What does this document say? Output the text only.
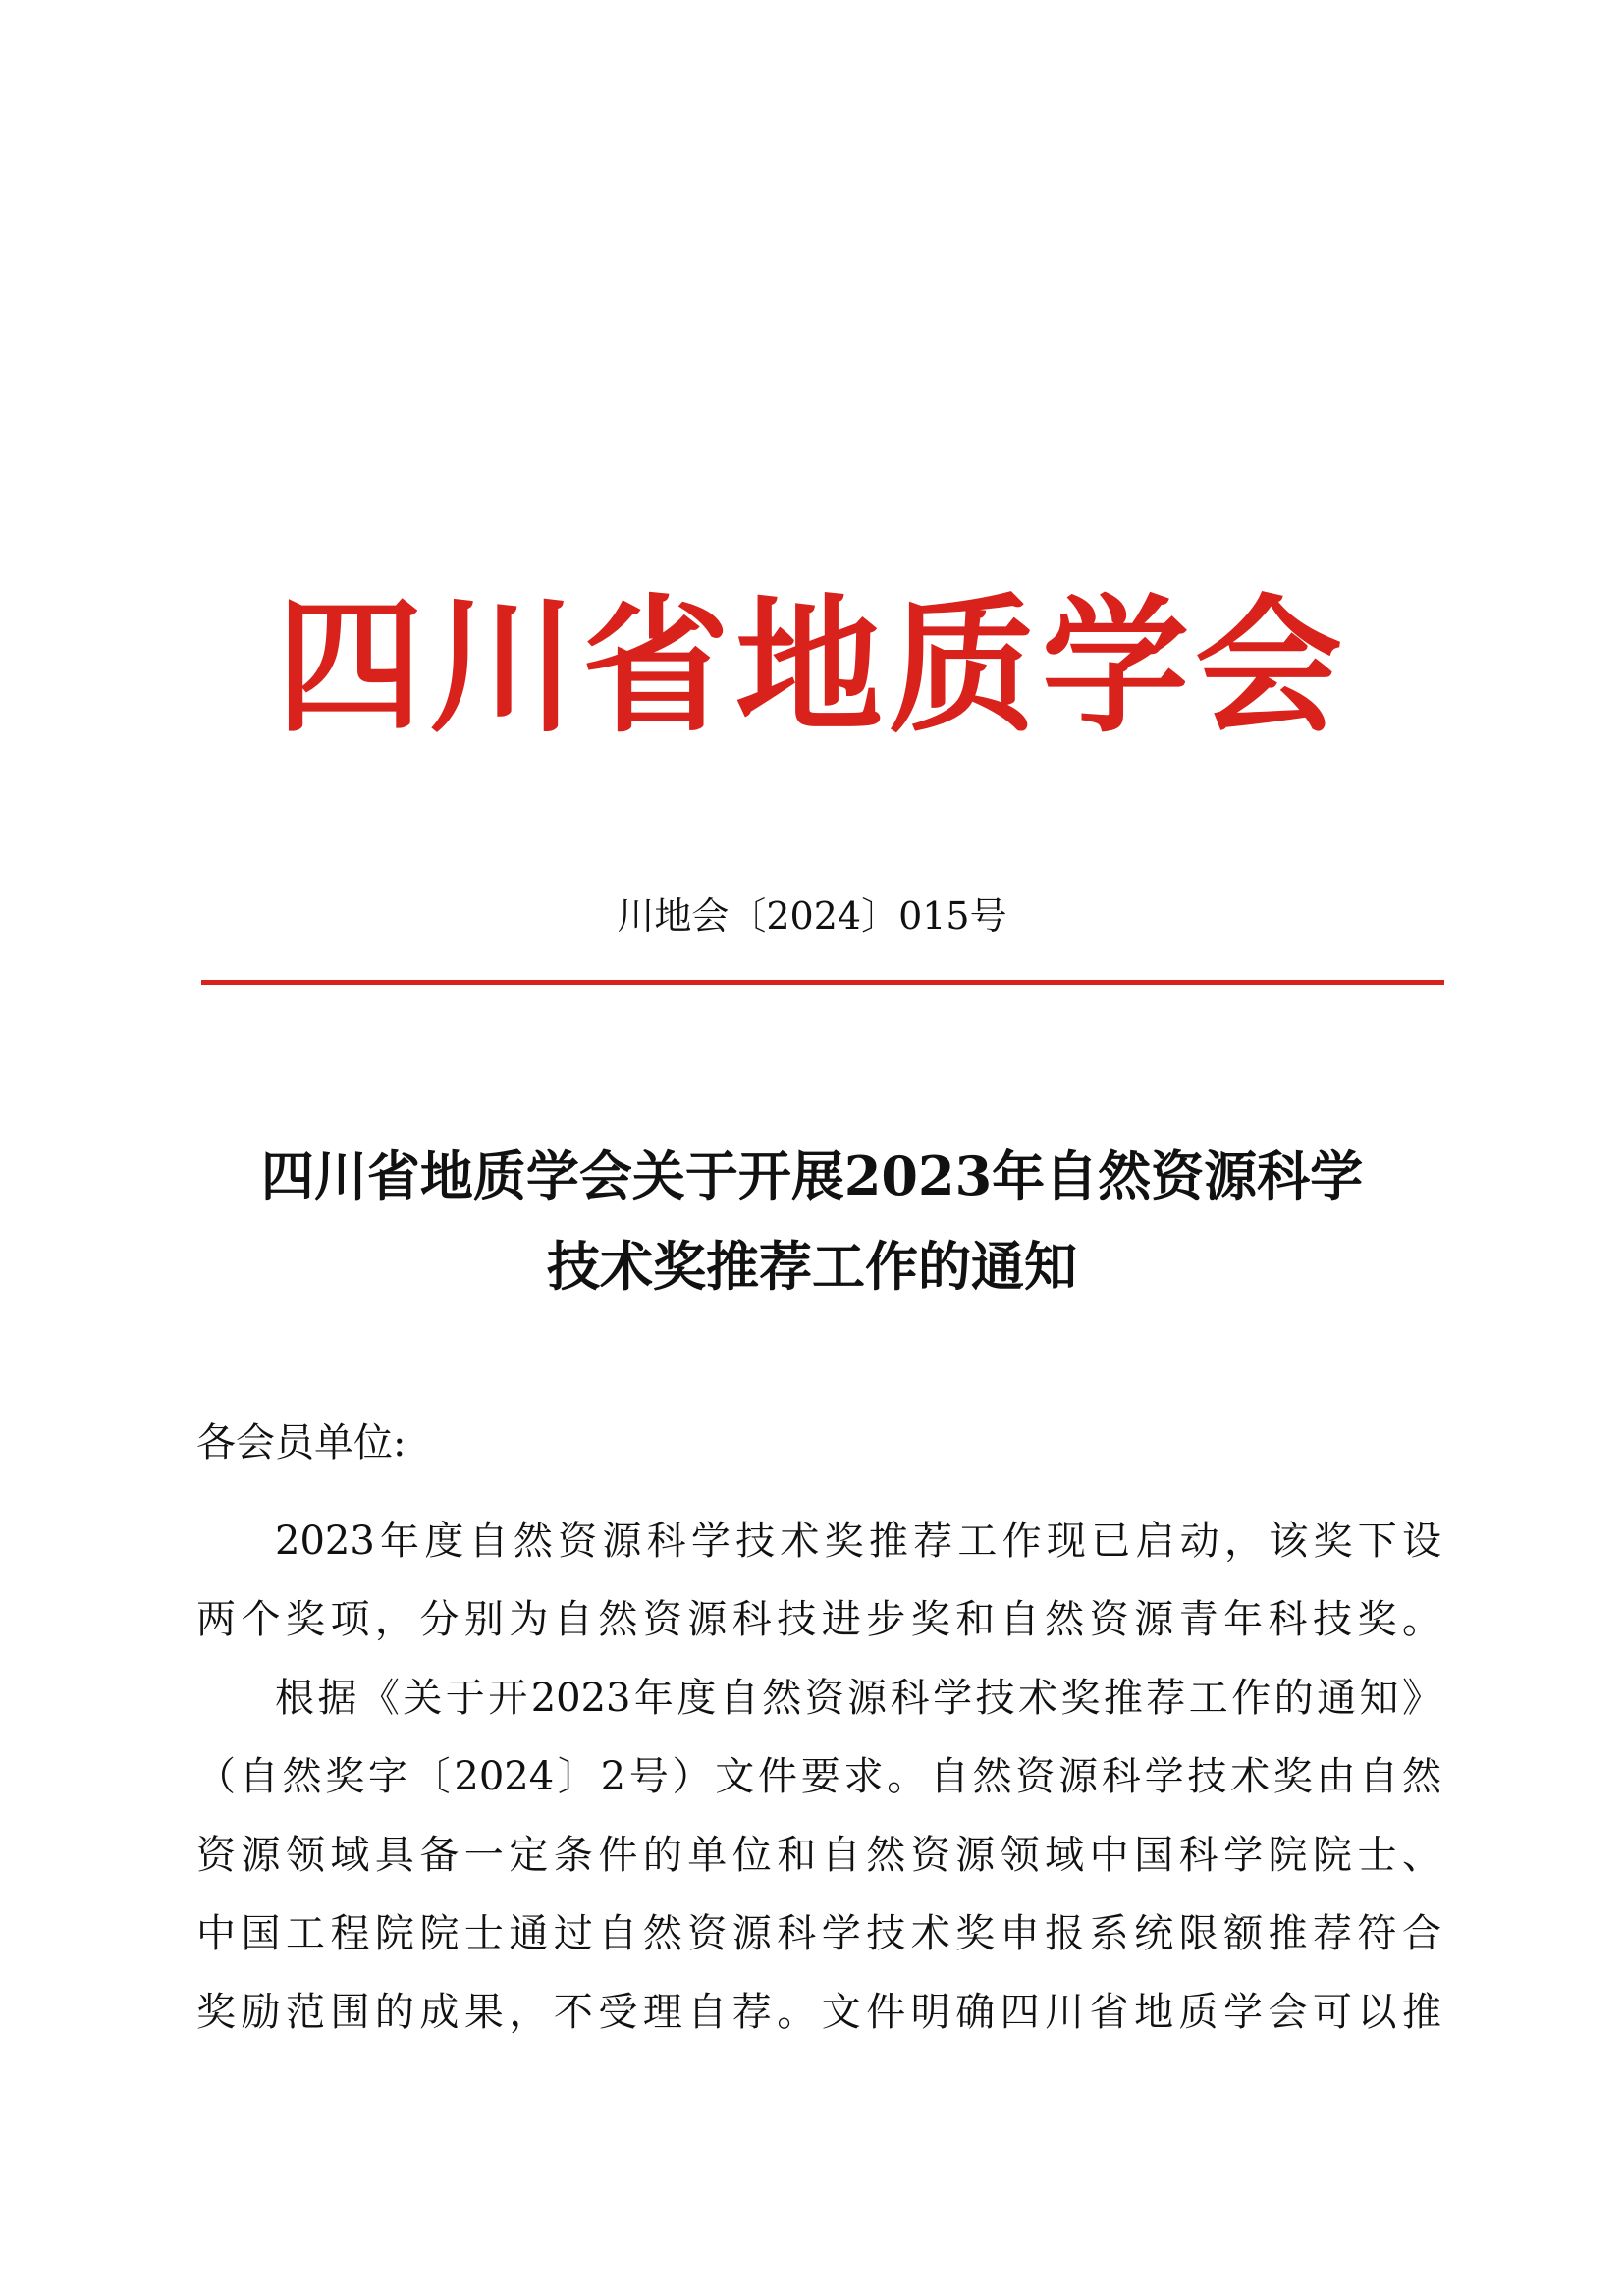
四川省地质学会
川地会〔2024〕015号
四川省地质学会关于开展2023年自然资源科学
技术奖推荐工作的通知
各会员单位:
2023年度自然资源科学技术奖推荐工作现已启动，该奖下设
两个奖项，分别为自然资源科技进步奖和自然资源青年科技奖。
根据《关于开2023年度自然资源科学技术奖推荐工作的通知》
（自然奖字〔2024〕2号）文件要求。自然资源科学技术奖由自然
资源领域具备一定条件的单位和自然资源领域中国科学院院士、
中国工程院院士通过自然资源科学技术奖申报系统限额推荐符合
奖励范围的成果，不受理自荐。文件明确四川省地质学会可以推
